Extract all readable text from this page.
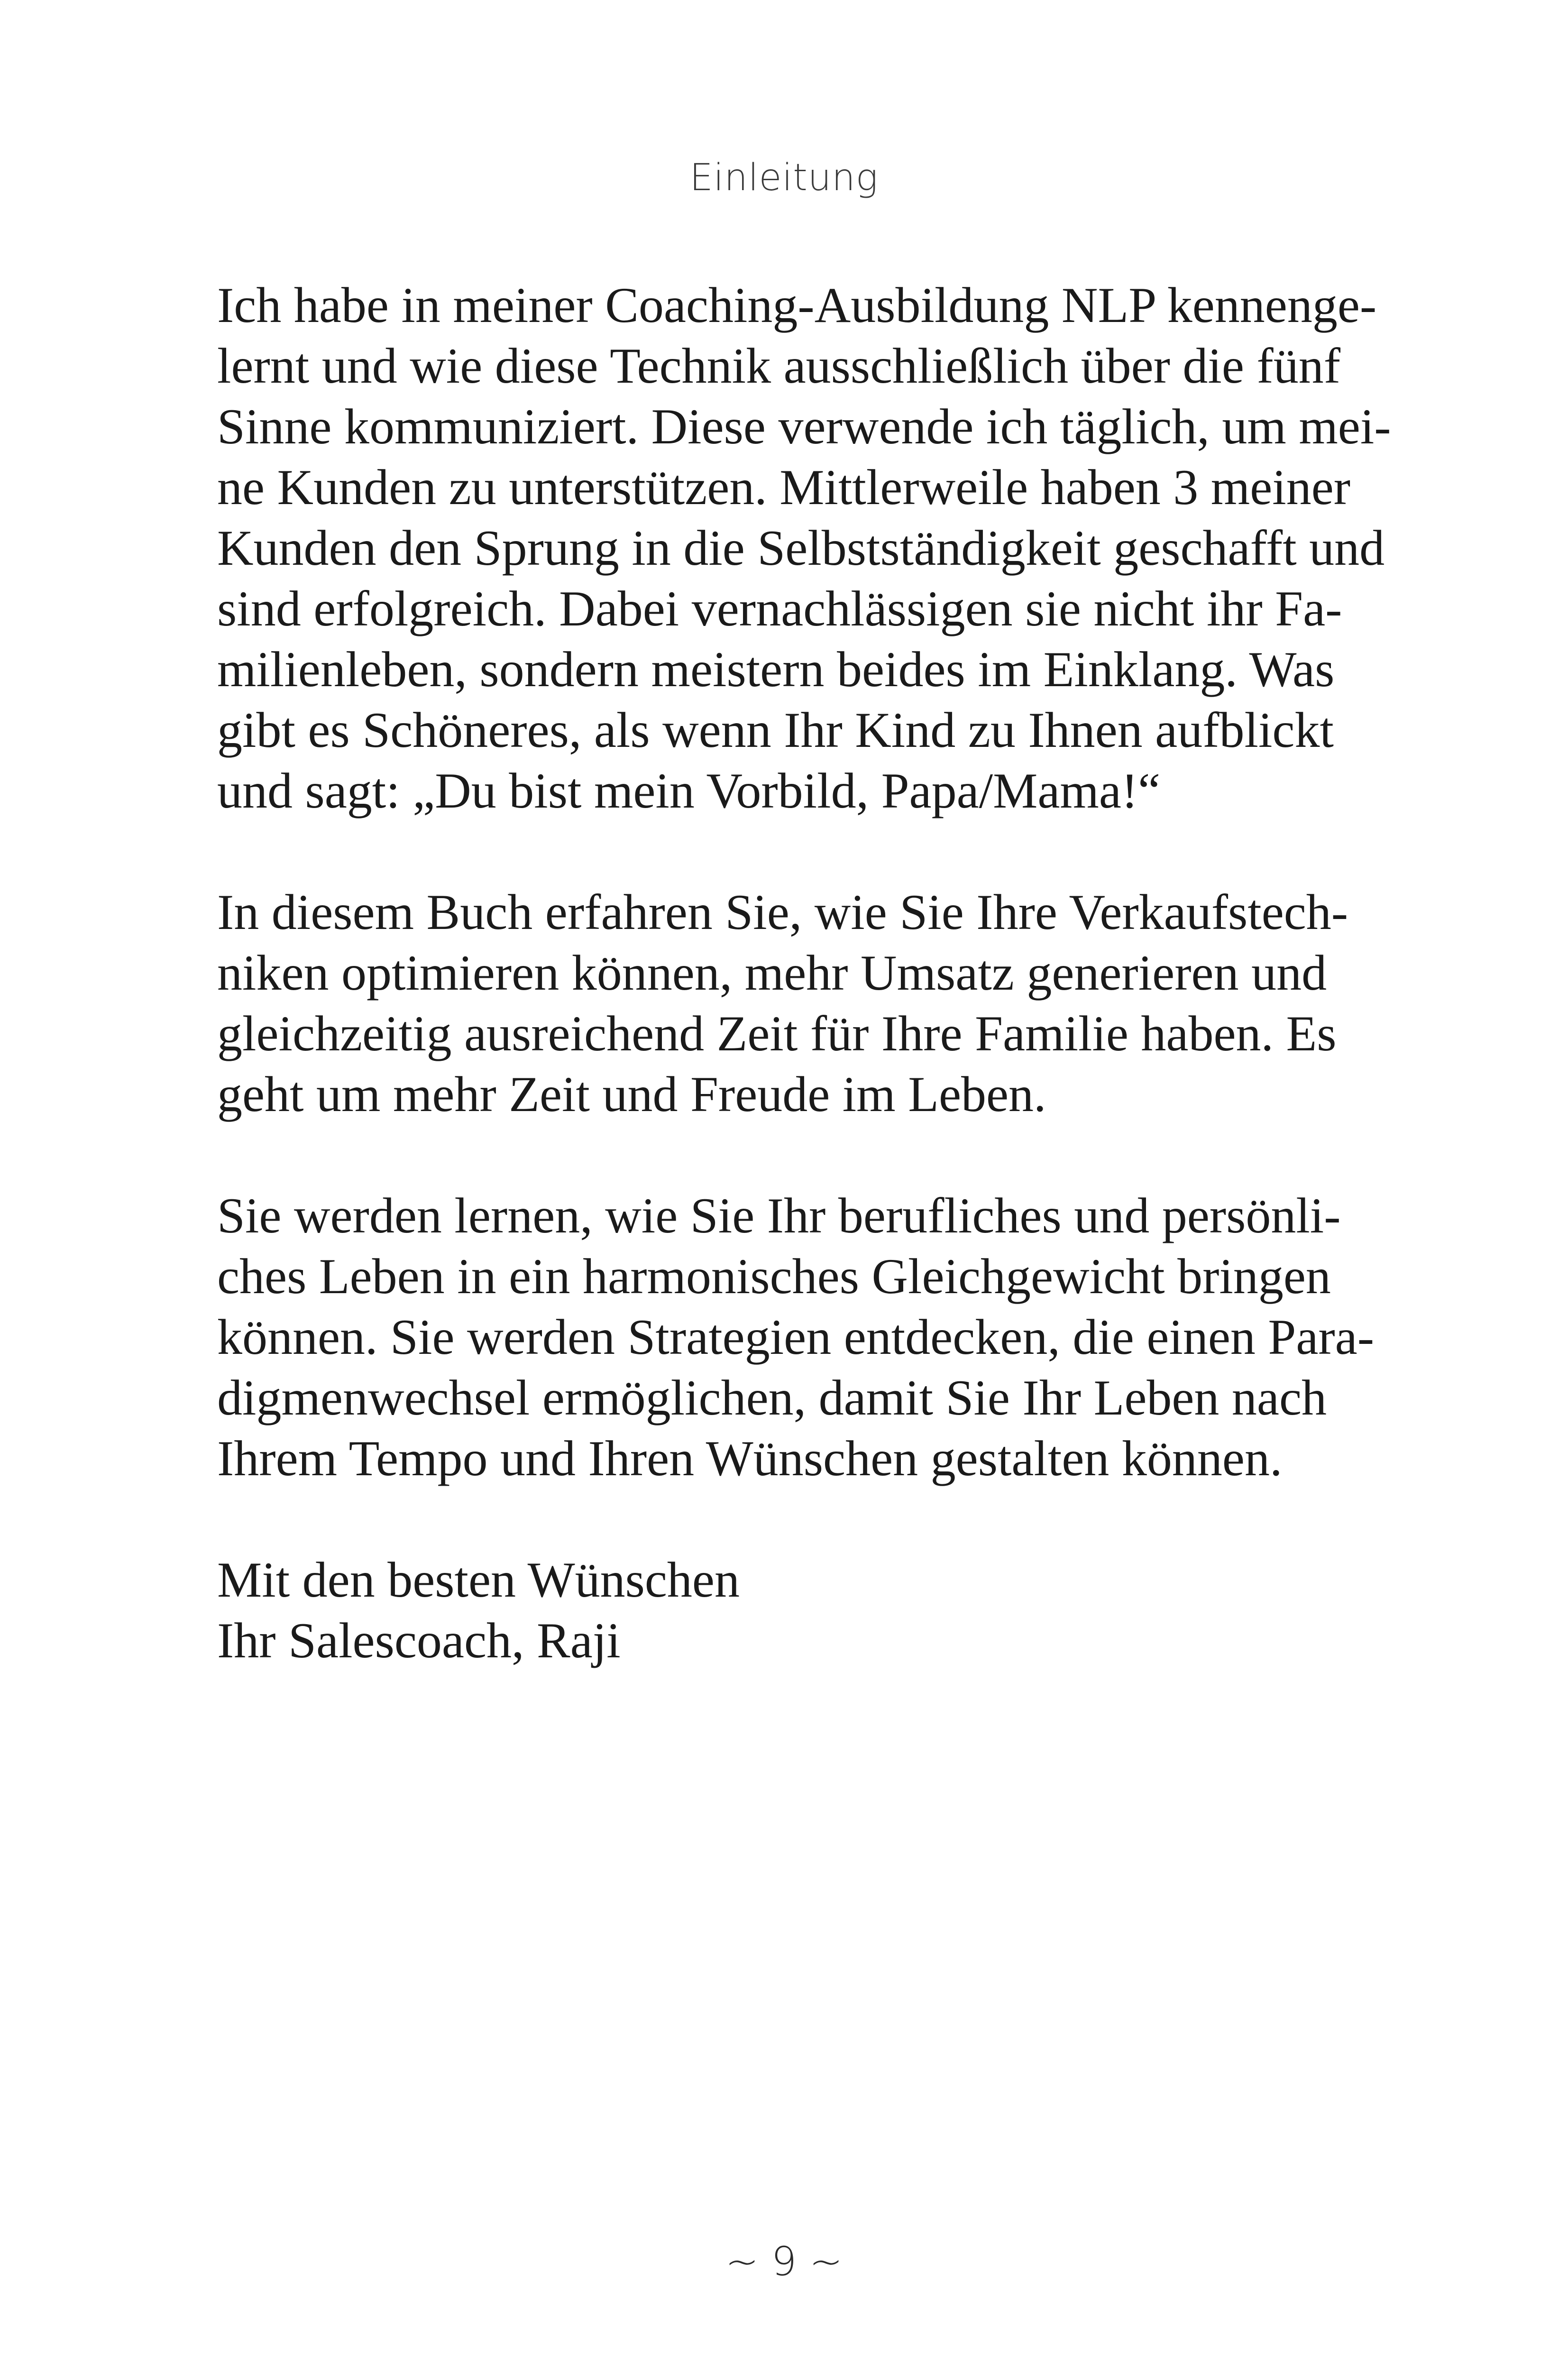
Einleitung
Ich habe in meiner Coaching-Ausbildung NLP kennenge-
lernt und wie diese Technik ausschließlich über die fünf
Sinne kommuniziert. Diese verwende ich täglich, um mei-
ne Kunden zu unterstützen. Mittlerweile haben 3 meiner
Kunden den Sprung in die Selbstständigkeit geschafft und
sind erfolgreich. Dabei vernachlässigen sie nicht ihr Fa-
milienleben, sondern meistern beides im Einklang. Was
gibt es Schöneres, als wenn Ihr Kind zu Ihnen aufblickt
und sagt: „Du bist mein Vorbild, Papa/Mama!“
In diesem Buch erfahren Sie, wie Sie Ihre Verkaufstech-
niken optimieren können, mehr Umsatz generieren und
gleichzeitig ausreichend Zeit für Ihre Familie haben. Es
geht um mehr Zeit und Freude im Leben.
Sie werden lernen, wie Sie Ihr berufliches und persönli-
ches Leben in ein harmonisches Gleichgewicht bringen
können. Sie werden Strategien entdecken, die einen Para-
digmenwechsel ermöglichen, damit Sie Ihr Leben nach
Ihrem Tempo und Ihren Wünschen gestalten können.
Mit den besten Wünschen
Ihr Salescoach, Raji
~ 9 ~
